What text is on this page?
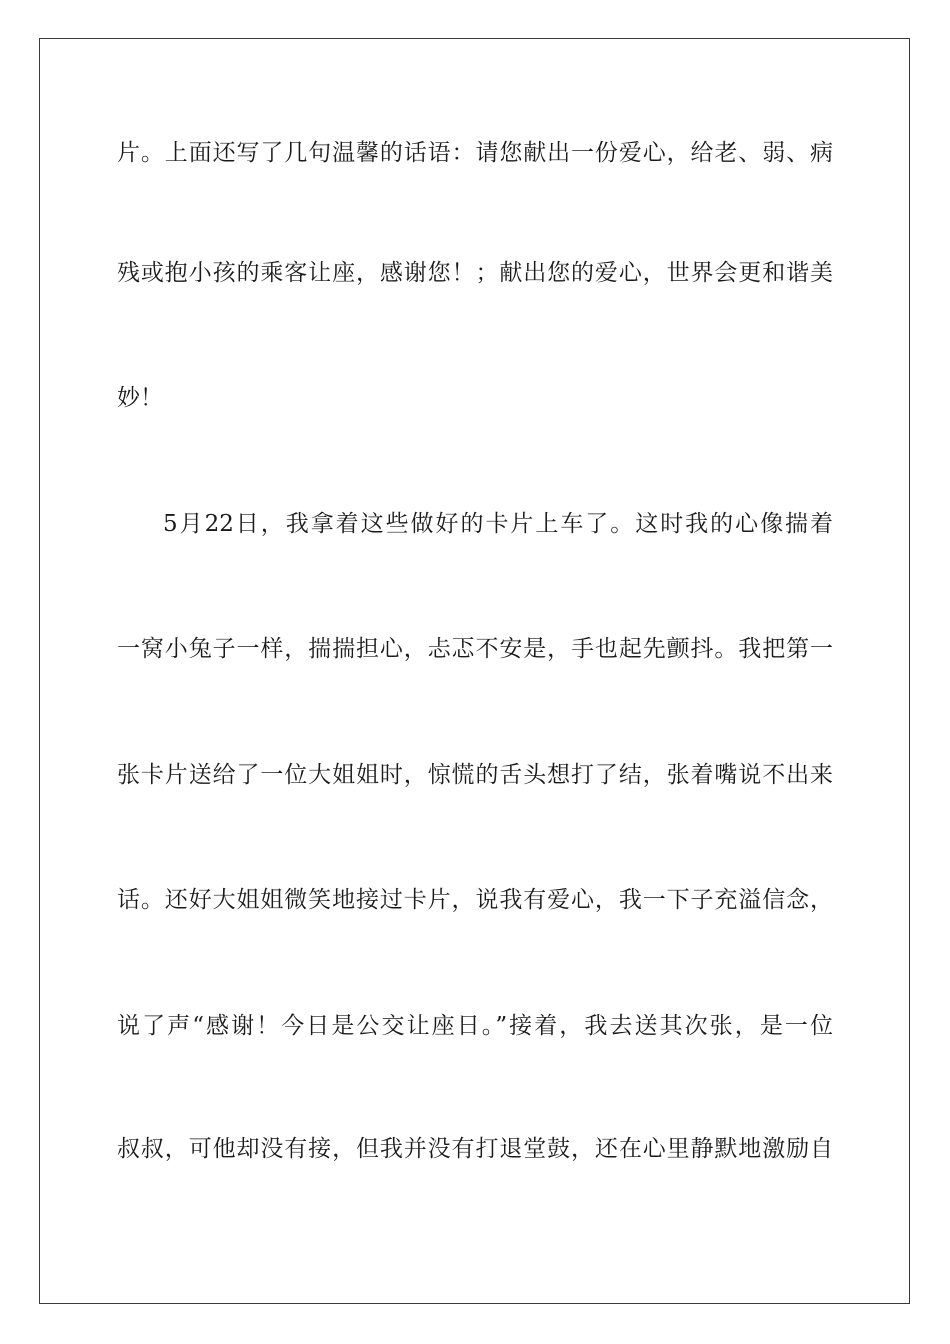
片。上面还写了几句温馨的话语：请您献出一份爱心，给老、弱、病
残或抱小孩的乘客让座，感谢您！；献出您的爱心，世界会更和谐美
妙！
5月22日，我拿着这些做好的卡片上车了。这时我的心像揣着
一窝小兔子一样，揣揣担心，忐忑不安是，手也起先颤抖。我把第一
张卡片送给了一位大姐姐时，惊慌的舌头想打了结，张着嘴说不出来
话。还好大姐姐微笑地接过卡片，说我有爱心，我一下子充溢信念，
说了声“感谢！今日是公交让座日。”接着，我去送其次张，是一位
叔叔，可他却没有接，但我并没有打退堂鼓，还在心里静默地激励自
